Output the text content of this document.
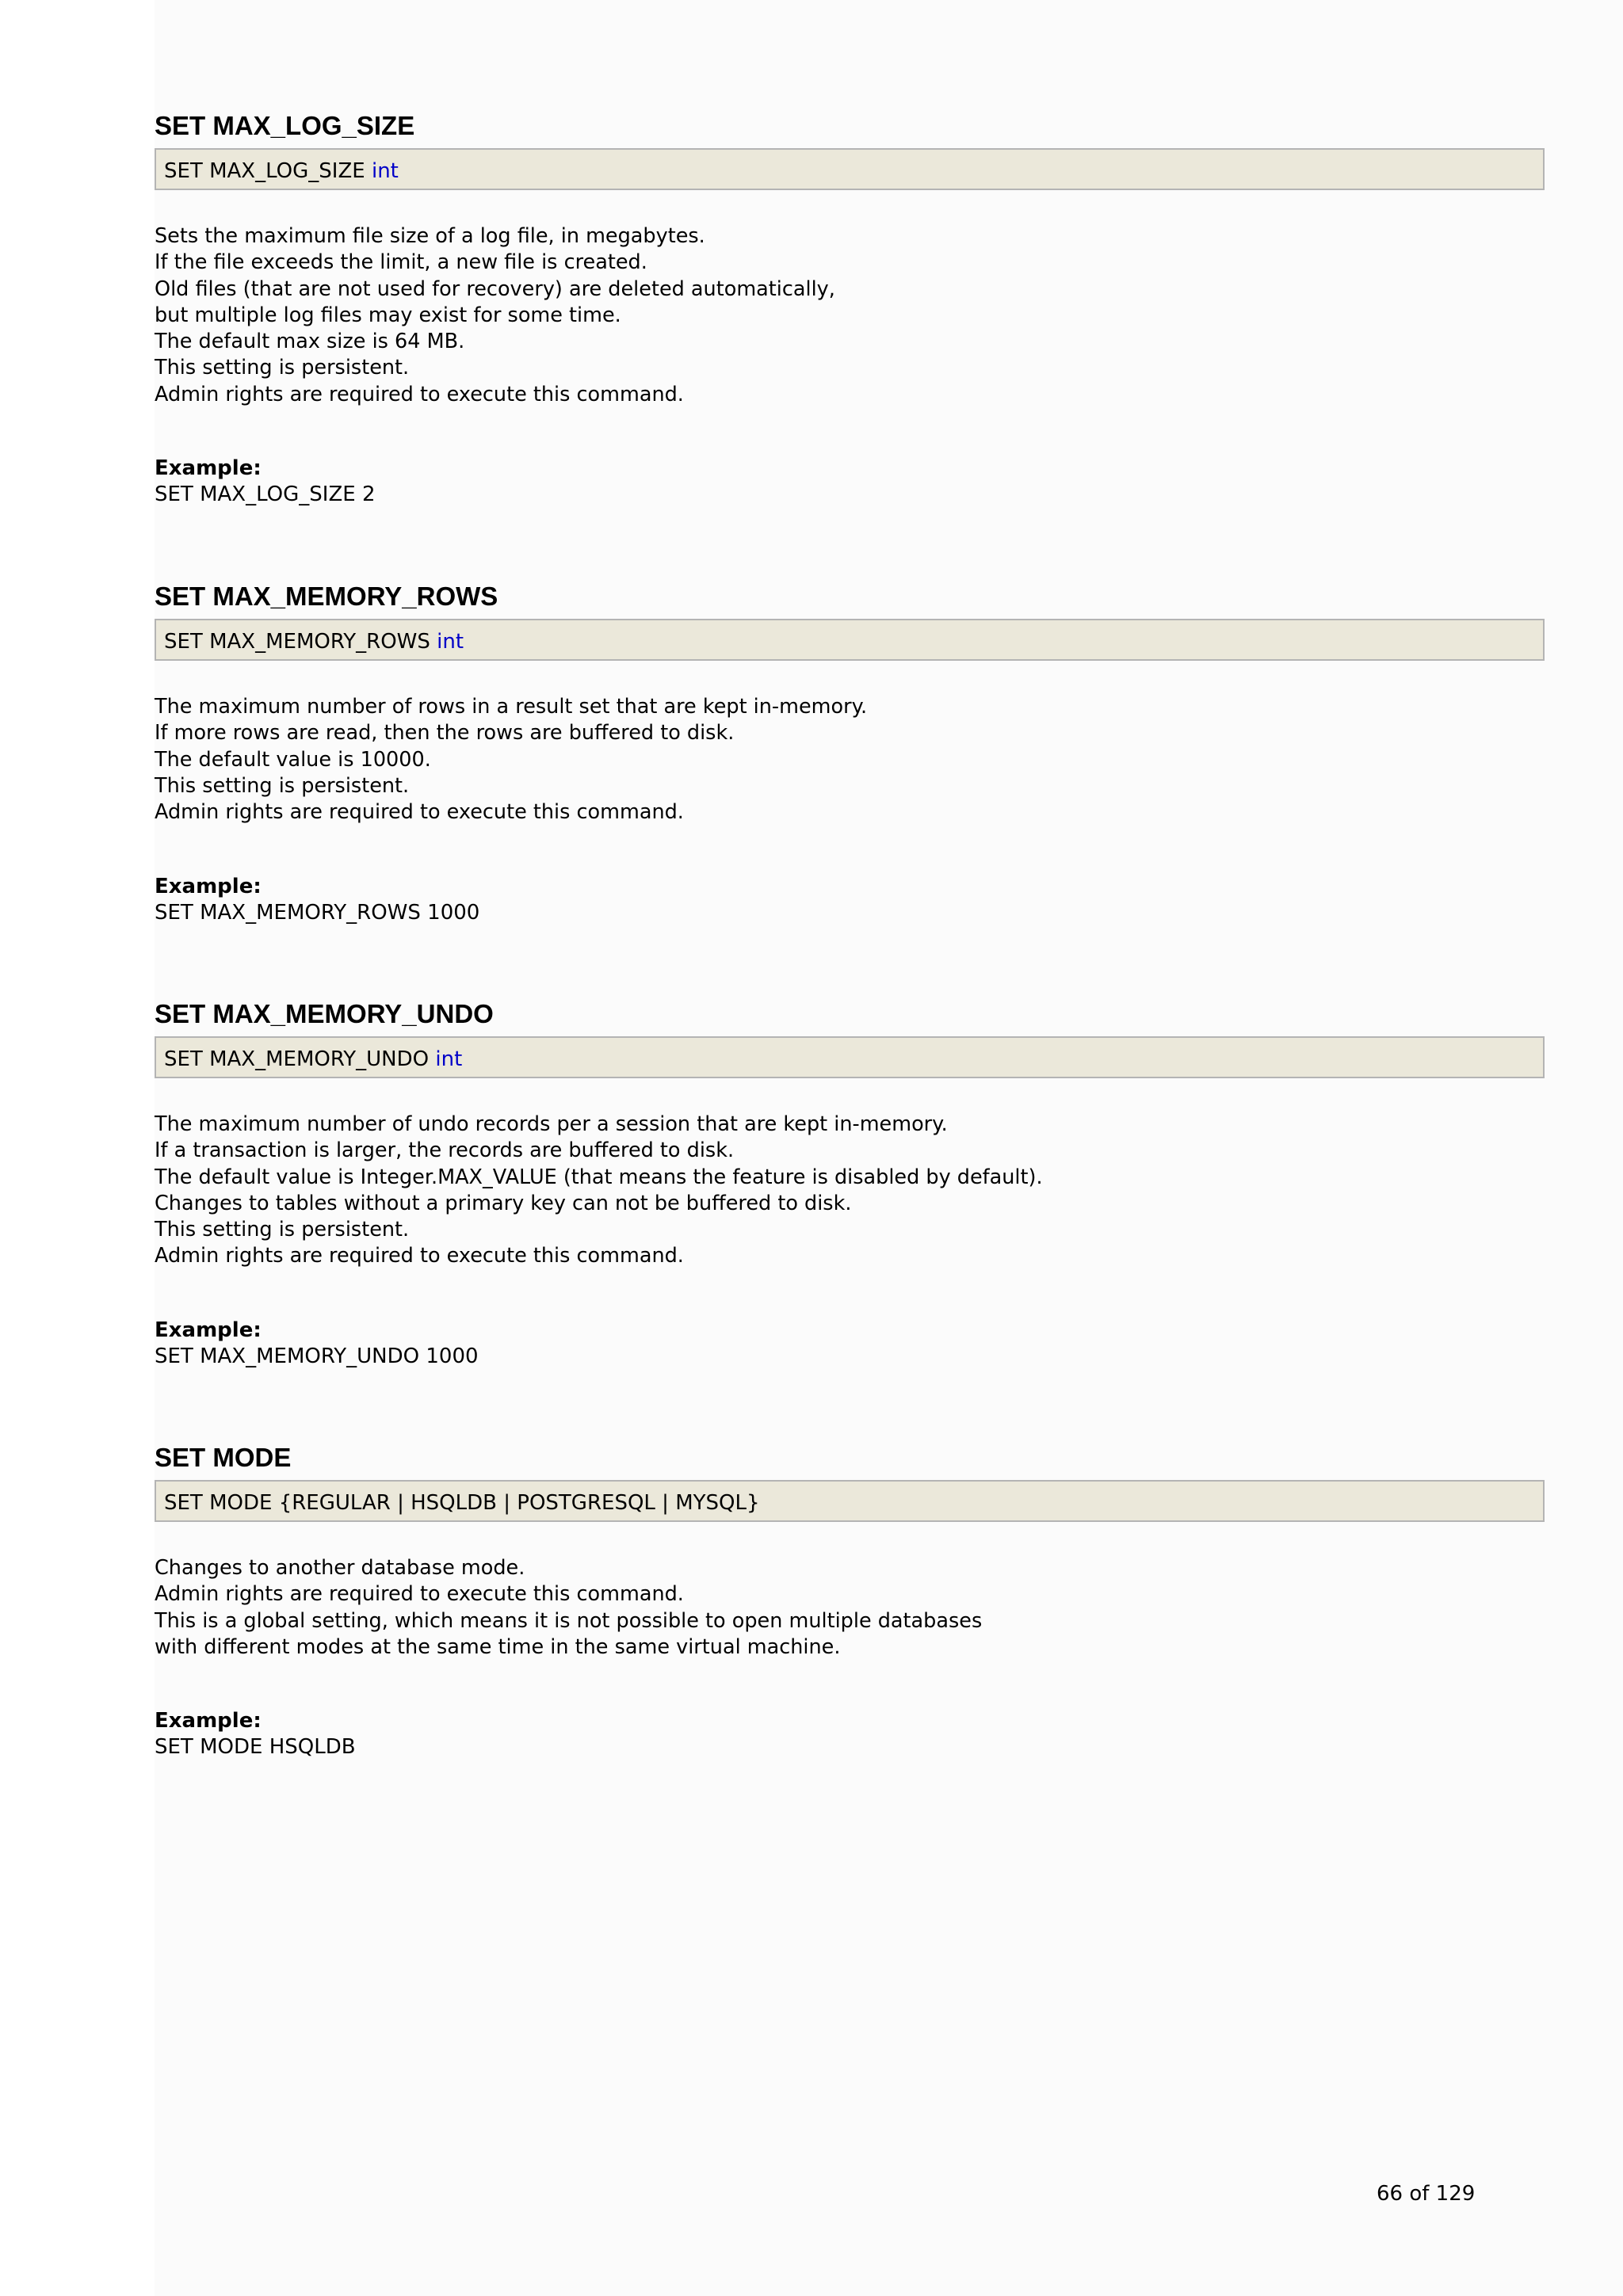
SET MAX_LOG_SIZE
SET MAX_LOG_SIZE int
Sets the maximum file size of a log file, in megabytes.
If the file exceeds the limit, a new file is created.
Old files (that are not used for recovery) are deleted automatically,
but multiple log files may exist for some time.
The default max size is 64 MB.
This setting is persistent.
Admin rights are required to execute this command.
Example:
SET MAX_LOG_SIZE 2
SET MAX_MEMORY_ROWS
SET MAX_MEMORY_ROWS int
The maximum number of rows in a result set that are kept in-memory.
If more rows are read, then the rows are buffered to disk.
The default value is 10000.
This setting is persistent.
Admin rights are required to execute this command.
Example:
SET MAX_MEMORY_ROWS 1000
SET MAX_MEMORY_UNDO
SET MAX_MEMORY_UNDO int
The maximum number of undo records per a session that are kept in-memory.
If a transaction is larger, the records are buffered to disk.
The default value is Integer.MAX_VALUE (that means the feature is disabled by default).
Changes to tables without a primary key can not be buffered to disk.
This setting is persistent.
Admin rights are required to execute this command.
Example:
SET MAX_MEMORY_UNDO 1000
SET MODE
SET MODE {REGULAR | HSQLDB | POSTGRESQL | MYSQL}
Changes to another database mode.
Admin rights are required to execute this command.
This is a global setting, which means it is not possible to open multiple databases
with different modes at the same time in the same virtual machine.
Example:
SET MODE HSQLDB
66 of 129
